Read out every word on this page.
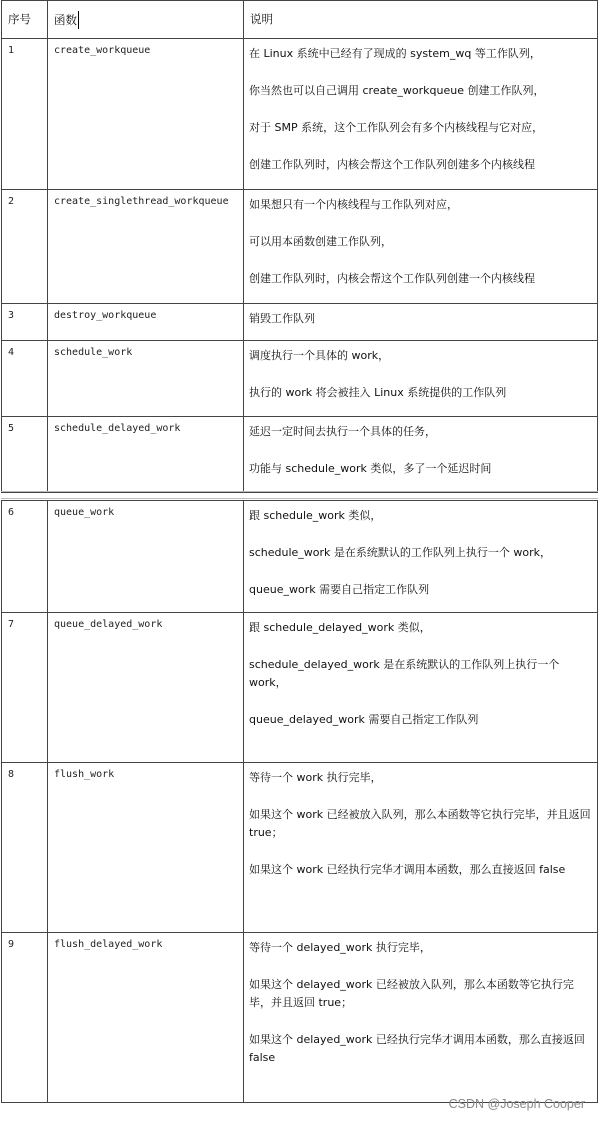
序号	函数	说明
1	create_workqueue	在 Linux 系统中已经有了现成的 system_wq 等工作队列，

你当然也可以自己调用 create_workqueue 创建工作队列，

对于 SMP 系统，这个工作队列会有多个内核线程与它对应，

创建工作队列时，内核会帮这个工作队列创建多个内核线程

2	create_singlethread_workqueue	如果想只有一个内核线程与工作队列对应，

可以用本函数创建工作队列，

创建工作队列时，内核会帮这个工作队列创建一个内核线程

3	destroy_workqueue	销毁工作队列

4	schedule_work	调度执行一个具体的 work，

执行的 work 将会被挂入 Linux 系统提供的工作队列

5	schedule_delayed_work	延迟一定时间去执行一个具体的任务，

功能与 schedule_work 类似，多了一个延迟时间

6	queue_work	跟 schedule_work 类似，

schedule_work 是在系统默认的工作队列上执行一个 work，

queue_work 需要自己指定工作队列

7	queue_delayed_work	跟 schedule_delayed_work 类似，

schedule_delayed_work 是在系统默认的工作队列上执行一个 work，

queue_delayed_work 需要自己指定工作队列

8	flush_work	等待一个 work 执行完毕，

如果这个 work 已经被放入队列，那么本函数等它执行完毕，并且返回 true；

如果这个 work 已经执行完华才调用本函数，那么直接返回 false

9	flush_delayed_work	等待一个 delayed_work 执行完毕，

如果这个 delayed_work 已经被放入队列，那么本函数等它执行完毕，并且返回 true；

如果这个 delayed_work 已经执行完华才调用本函数，那么直接返回 false

CSDN @Joseph Cooper
